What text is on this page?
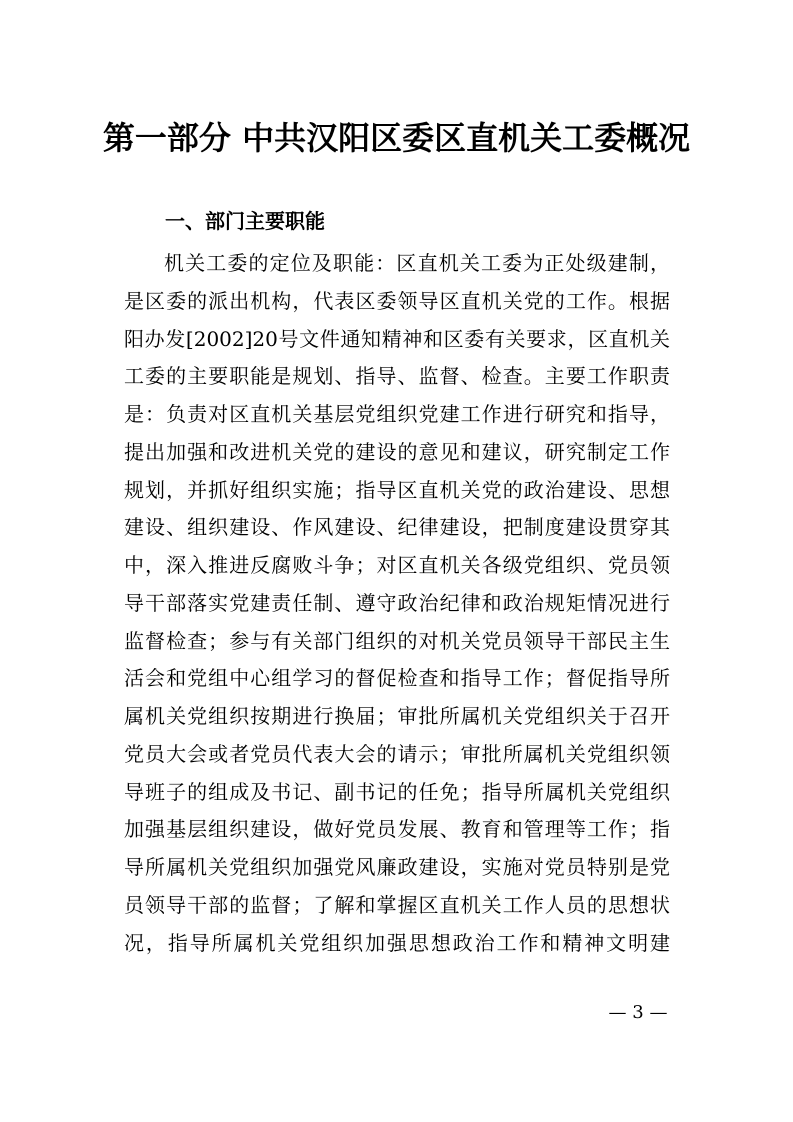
第一部分 中共汉阳区委区直机关工委概况
一、部门主要职能
机关工委的定位及职能：区直机关工委为正处级建制，
是区委的派出机构，代表区委领导区直机关党的工作。根据
阳办发[2002]20号文件通知精神和区委有关要求，区直机关
工委的主要职能是规划、指导、监督、检查。主要工作职责
是：负责对区直机关基层党组织党建工作进行研究和指导，
提出加强和改进机关党的建设的意见和建议，研究制定工作
规划，并抓好组织实施；指导区直机关党的政治建设、思想
建设、组织建设、作风建设、纪律建设，把制度建设贯穿其
中，深入推进反腐败斗争；对区直机关各级党组织、党员领
导干部落实党建责任制、遵守政治纪律和政治规矩情况进行
监督检查；参与有关部门组织的对机关党员领导干部民主生
活会和党组中心组学习的督促检查和指导工作；督促指导所
属机关党组织按期进行换届；审批所属机关党组织关于召开
党员大会或者党员代表大会的请示；审批所属机关党组织领
导班子的组成及书记、副书记的任免；指导所属机关党组织
加强基层组织建设，做好党员发展、教育和管理等工作；指
导所属机关党组织加强党风廉政建设，实施对党员特别是党
员领导干部的监督；了解和掌握区直机关工作人员的思想状
况，指导所属机关党组织加强思想政治工作和精神文明建
— 3 —
